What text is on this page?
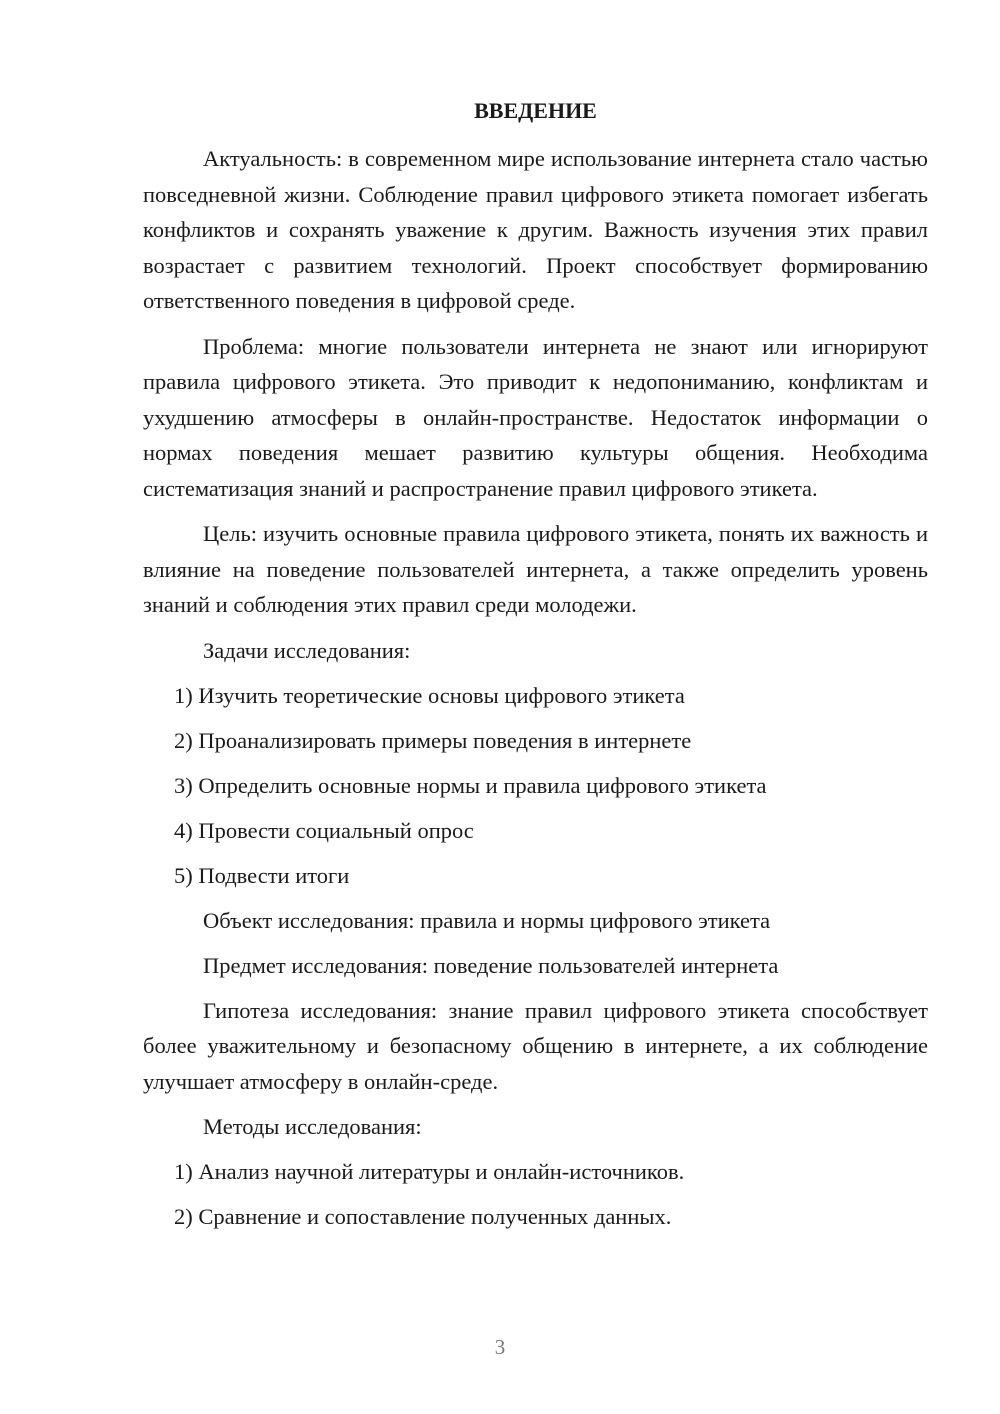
ВВЕДЕНИЕ

Актуальность: в современном мире использование интернета стало частью повседневной жизни. Соблюдение правил цифрового этикета помогает избегать конфликтов и сохранять уважение к другим. Важность изучения этих правил возрастает с развитием технологий. Проект способствует формированию ответственного поведения в цифровой среде.

Проблема: многие пользователи интернета не знают или игнорируют правила цифрового этикета. Это приводит к недопониманию, конфликтам и ухудшению атмосферы в онлайн-пространстве. Недостаток информации о нормах поведения мешает развитию культуры общения. Необходима систематизация знаний и распространение правил цифрового этикета.

Цель: изучить основные правила цифрового этикета, понять их важность и влияние на поведение пользователей интернета, а также определить уровень знаний и соблюдения этих правил среди молодежи.

Задачи исследования:

1) Изучить теоретические основы цифрового этикета

2) Проанализировать примеры поведения в интернете

3) Определить основные нормы и правила цифрового этикета

4) Провести социальный опрос

5) Подвести итоги

Объект исследования: правила и нормы цифрового этикета

Предмет исследования: поведение пользователей интернета

Гипотеза исследования: знание правил цифрового этикета способствует более уважительному и безопасному общению в интернете, а их соблюдение улучшает атмосферу в онлайн-среде.

Методы исследования:

1) Анализ научной литературы и онлайн-источников.

2) Сравнение и сопоставление полученных данных.

3
